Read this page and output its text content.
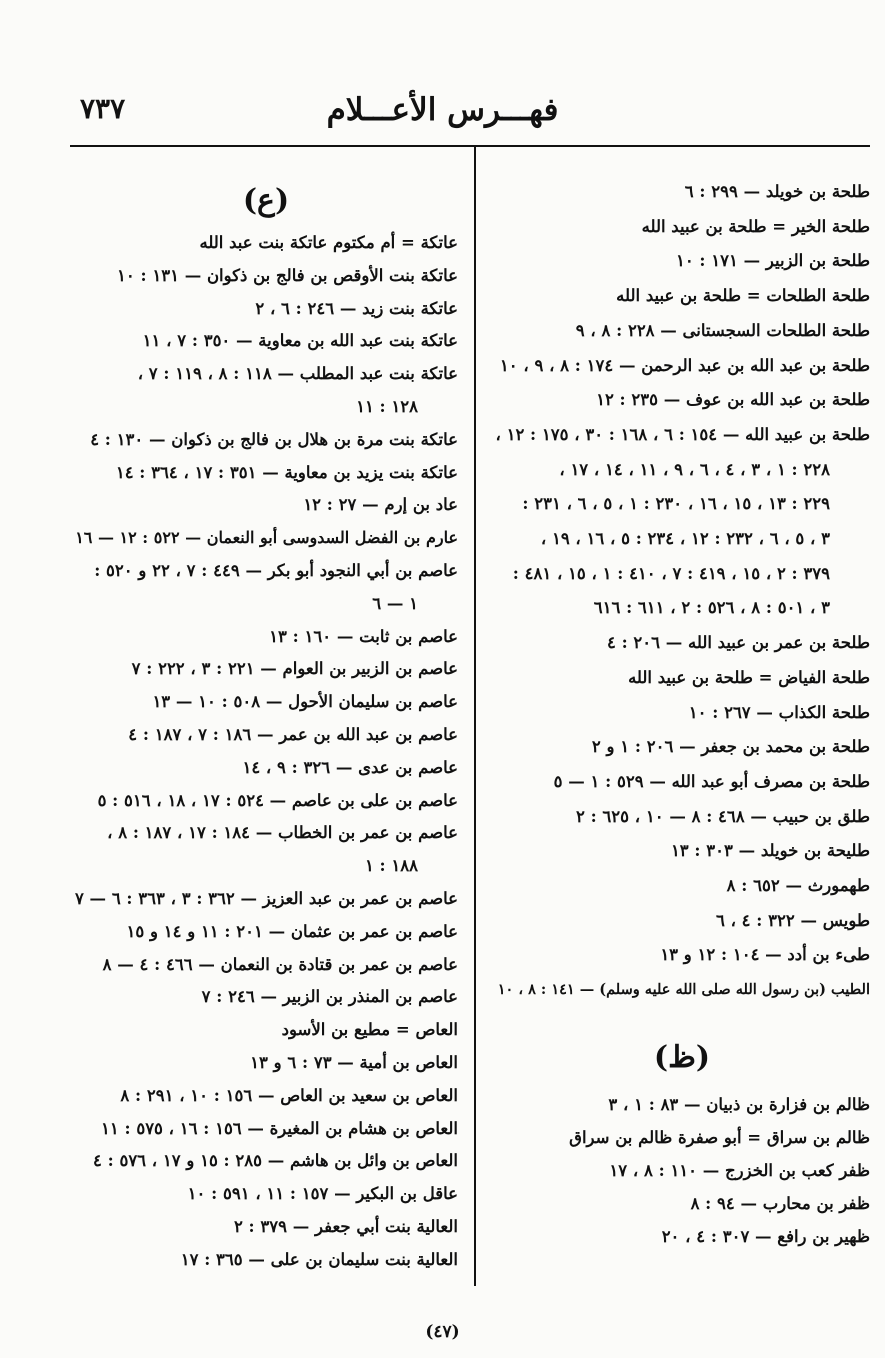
فهـــرس الأعـــلام
٧٣٧
طلحة بن خويلد — ٢٩٩ : ٦
طلحة الخير = طلحة بن عبيد الله
طلحة بن الزبير — ١٧١ : ١٠
طلحة الطلحات = طلحة بن عبيد الله
طلحة الطلحات السجستانى — ٢٢٨ : ٨ ، ٩
طلحة بن عبد الله بن عبد الرحمن — ١٧٤ : ٨ ، ٩ ، ١٠
طلحة بن عبد الله بن عوف — ٢٣٥ : ١٢
طلحة بن عبيد الله — ١٥٤ : ٦ ، ١٦٨ : ٣٠ ، ١٧٥ : ١٢ ،
٢٢٨ : ١ ، ٣ ، ٤ ، ٦ ، ٩ ، ١١ ، ١٤ ، ١٧ ،
٢٢٩ : ١٣ ، ١٥ ، ١٦ ، ٢٣٠ : ١ ، ٥ ، ٦ ، ٢٣١ :
٣ ، ٥ ، ٦ ، ٢٣٢ : ١٢ ، ٢٣٤ : ٥ ، ١٦ ، ١٩ ،
٣٧٩ : ٢ ، ١٥ ، ٤١٩ : ٧ ، ٤١٠ : ١ ، ١٥ ، ٤٨١ :
٣ ، ٥٠١ : ٨ ، ٥٢٦ : ٢ ، ٦١١ : ٦١٦
طلحة بن عمر بن عبيد الله — ٢٠٦ : ٤
طلحة الفياض = طلحة بن عبيد الله
طلحة الكذاب — ٢٦٧ : ١٠
طلحة بن محمد بن جعفر — ٢٠٦ : ١ و ٢
طلحة بن مصرف أبو عبد الله — ٥٢٩ : ١ — ٥
طلق بن حبيب — ٤٦٨ : ٨ — ١٠ ، ٦٢٥ : ٢
طليحة بن خويلد — ٣٠٣ : ١٣
طهمورث — ٦٥٢ : ٨
طويس — ٣٢٢ : ٤ ، ٦
طىء بن أدد — ١٠٤ : ١٢ و ١٣
الطيب (بن رسول الله صلى الله عليه وسلم) — ١٤١ : ٨ ، ١٠
(ظ)
ظالم بن فزارة بن ذبيان — ٨٣ : ١ ، ٣
ظالم بن سراق = أبو صفرة ظالم بن سراق
ظفر كعب بن الخزرج — ١١٠ : ٨ ، ١٧
ظفر بن محارب — ٩٤ : ٨
ظهير بن رافع — ٣٠٧ : ٤ ، ٢٠
(ع)
عاتكة = أم مكتوم عاتكة بنت عبد الله
عاتكة بنت الأوقص بن فالج بن ذكوان — ١٣١ : ١٠
عاتكة بنت زيد — ٢٤٦ : ٦ ، ٢
عاتكة بنت عبد الله بن معاوية — ٣٥٠ : ٧ ، ١١
عاتكة بنت عبد المطلب — ١١٨ : ٨ ، ١١٩ : ٧ ،
١٢٨ : ١١
عاتكة بنت مرة بن هلال بن فالج بن ذكوان — ١٣٠ : ٤
عاتكة بنت يزيد بن معاوية — ٣٥١ : ١٧ ، ٣٦٤ : ١٤
عاد بن إرم — ٢٧ : ١٢
عارم بن الفضل السدوسى أبو النعمان — ٥٢٢ : ١٢ — ١٦
عاصم بن أبي النجود أبو بكر — ٤٤٩ : ٧ ، ٢٢ و ٥٢٠ :
١ — ٦
عاصم بن ثابت — ١٦٠ : ١٣
عاصم بن الزبير بن العوام — ٢٢١ : ٣ ، ٢٢٢ : ٧
عاصم بن سليمان الأحول — ٥٠٨ : ١٠ — ١٣
عاصم بن عبد الله بن عمر — ١٨٦ : ٧ ، ١٨٧ : ٤
عاصم بن عدى — ٣٢٦ : ٩ ، ١٤
عاصم بن على بن عاصم — ٥٢٤ : ١٧ ، ١٨ ، ٥١٦ : ٥
عاصم بن عمر بن الخطاب — ١٨٤ : ١٧ ، ١٨٧ : ٨ ،
١٨٨ : ١
عاصم بن عمر بن عبد العزيز — ٣٦٢ : ٣ ، ٣٦٣ : ٦ — ٧
عاصم بن عمر بن عثمان — ٢٠١ : ١١ و ١٤ و ١٥
عاصم بن عمر بن قتادة بن النعمان — ٤٦٦ : ٤ — ٨
عاصم بن المنذر بن الزبير — ٢٤٦ : ٧
العاص = مطيع بن الأسود
العاص بن أمية — ٧٣ : ٦ و ١٣
العاص بن سعيد بن العاص — ١٥٦ : ١٠ ، ٢٩١ : ٨
العاص بن هشام بن المغيرة — ١٥٦ : ١٦ ، ٥٧٥ : ١١
العاص بن وائل بن هاشم — ٢٨٥ : ١٥ و ١٧ ، ٥٧٦ : ٤
عاقل بن البكير — ١٥٧ : ١١ ، ٥٩١ : ١٠
العالية بنت أبي جعفر — ٣٧٩ : ٢
العالية بنت سليمان بن على — ٣٦٥ : ١٧
(٤٧)
